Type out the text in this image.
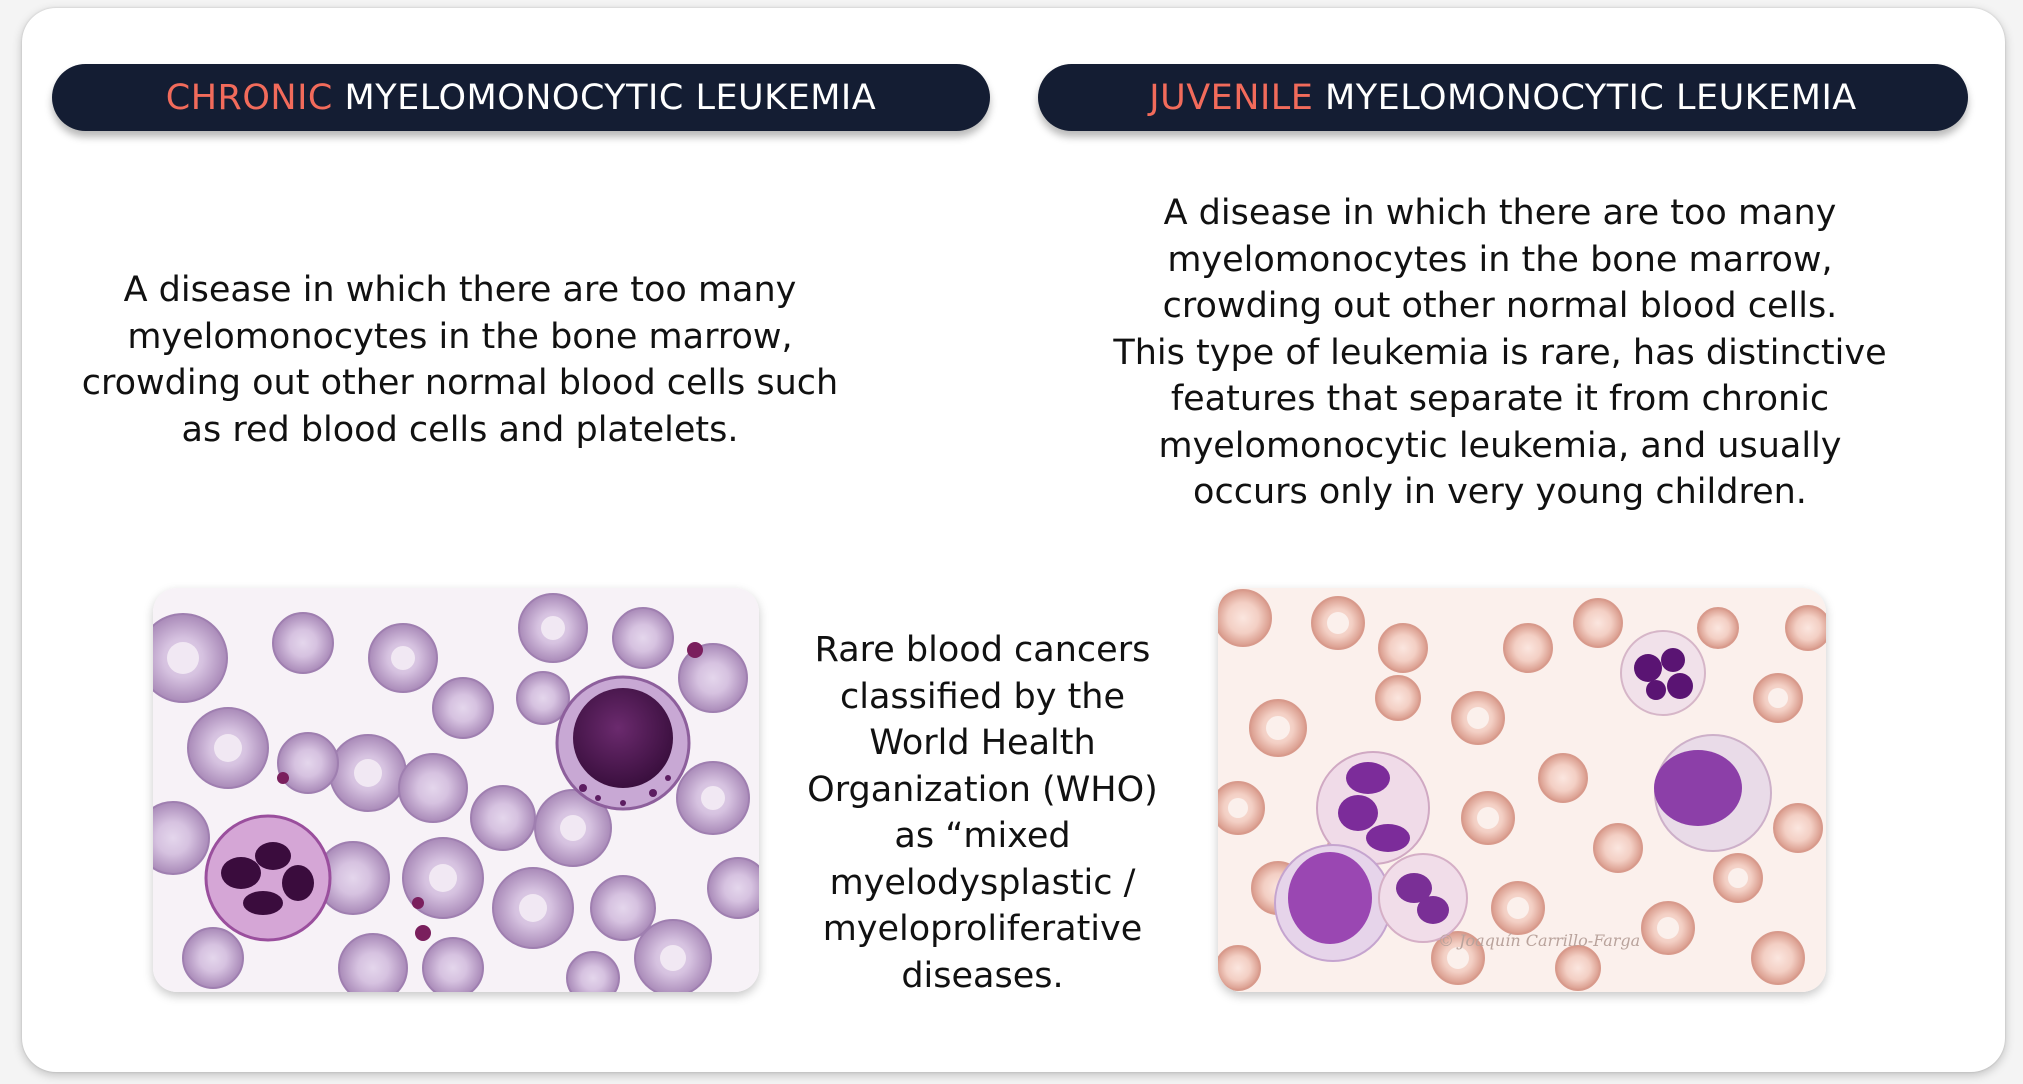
CHRONIC MYELOMONOCYTIC LEUKEMIA	JUVENILE MYELOMONOCYTIC LEUKEMIA
A disease in which there are too many
myelomonocytes in the bone marrow,
crowding out other normal blood cells such
as red blood cells and platelets.
A disease in which there are too many
myelomonocytes in the bone marrow,
crowding out other normal blood cells.
This type of leukemia is rare, has distinctive
features that separate it from chronic
myelomonocytic leukemia, and usually
occurs only in very young children.
Rare blood cancers
classified by the
World Health
Organization (WHO)
as “mixed
myelodysplastic /
myeloproliferative
diseases.
© Joaquín Carrillo-Farga
